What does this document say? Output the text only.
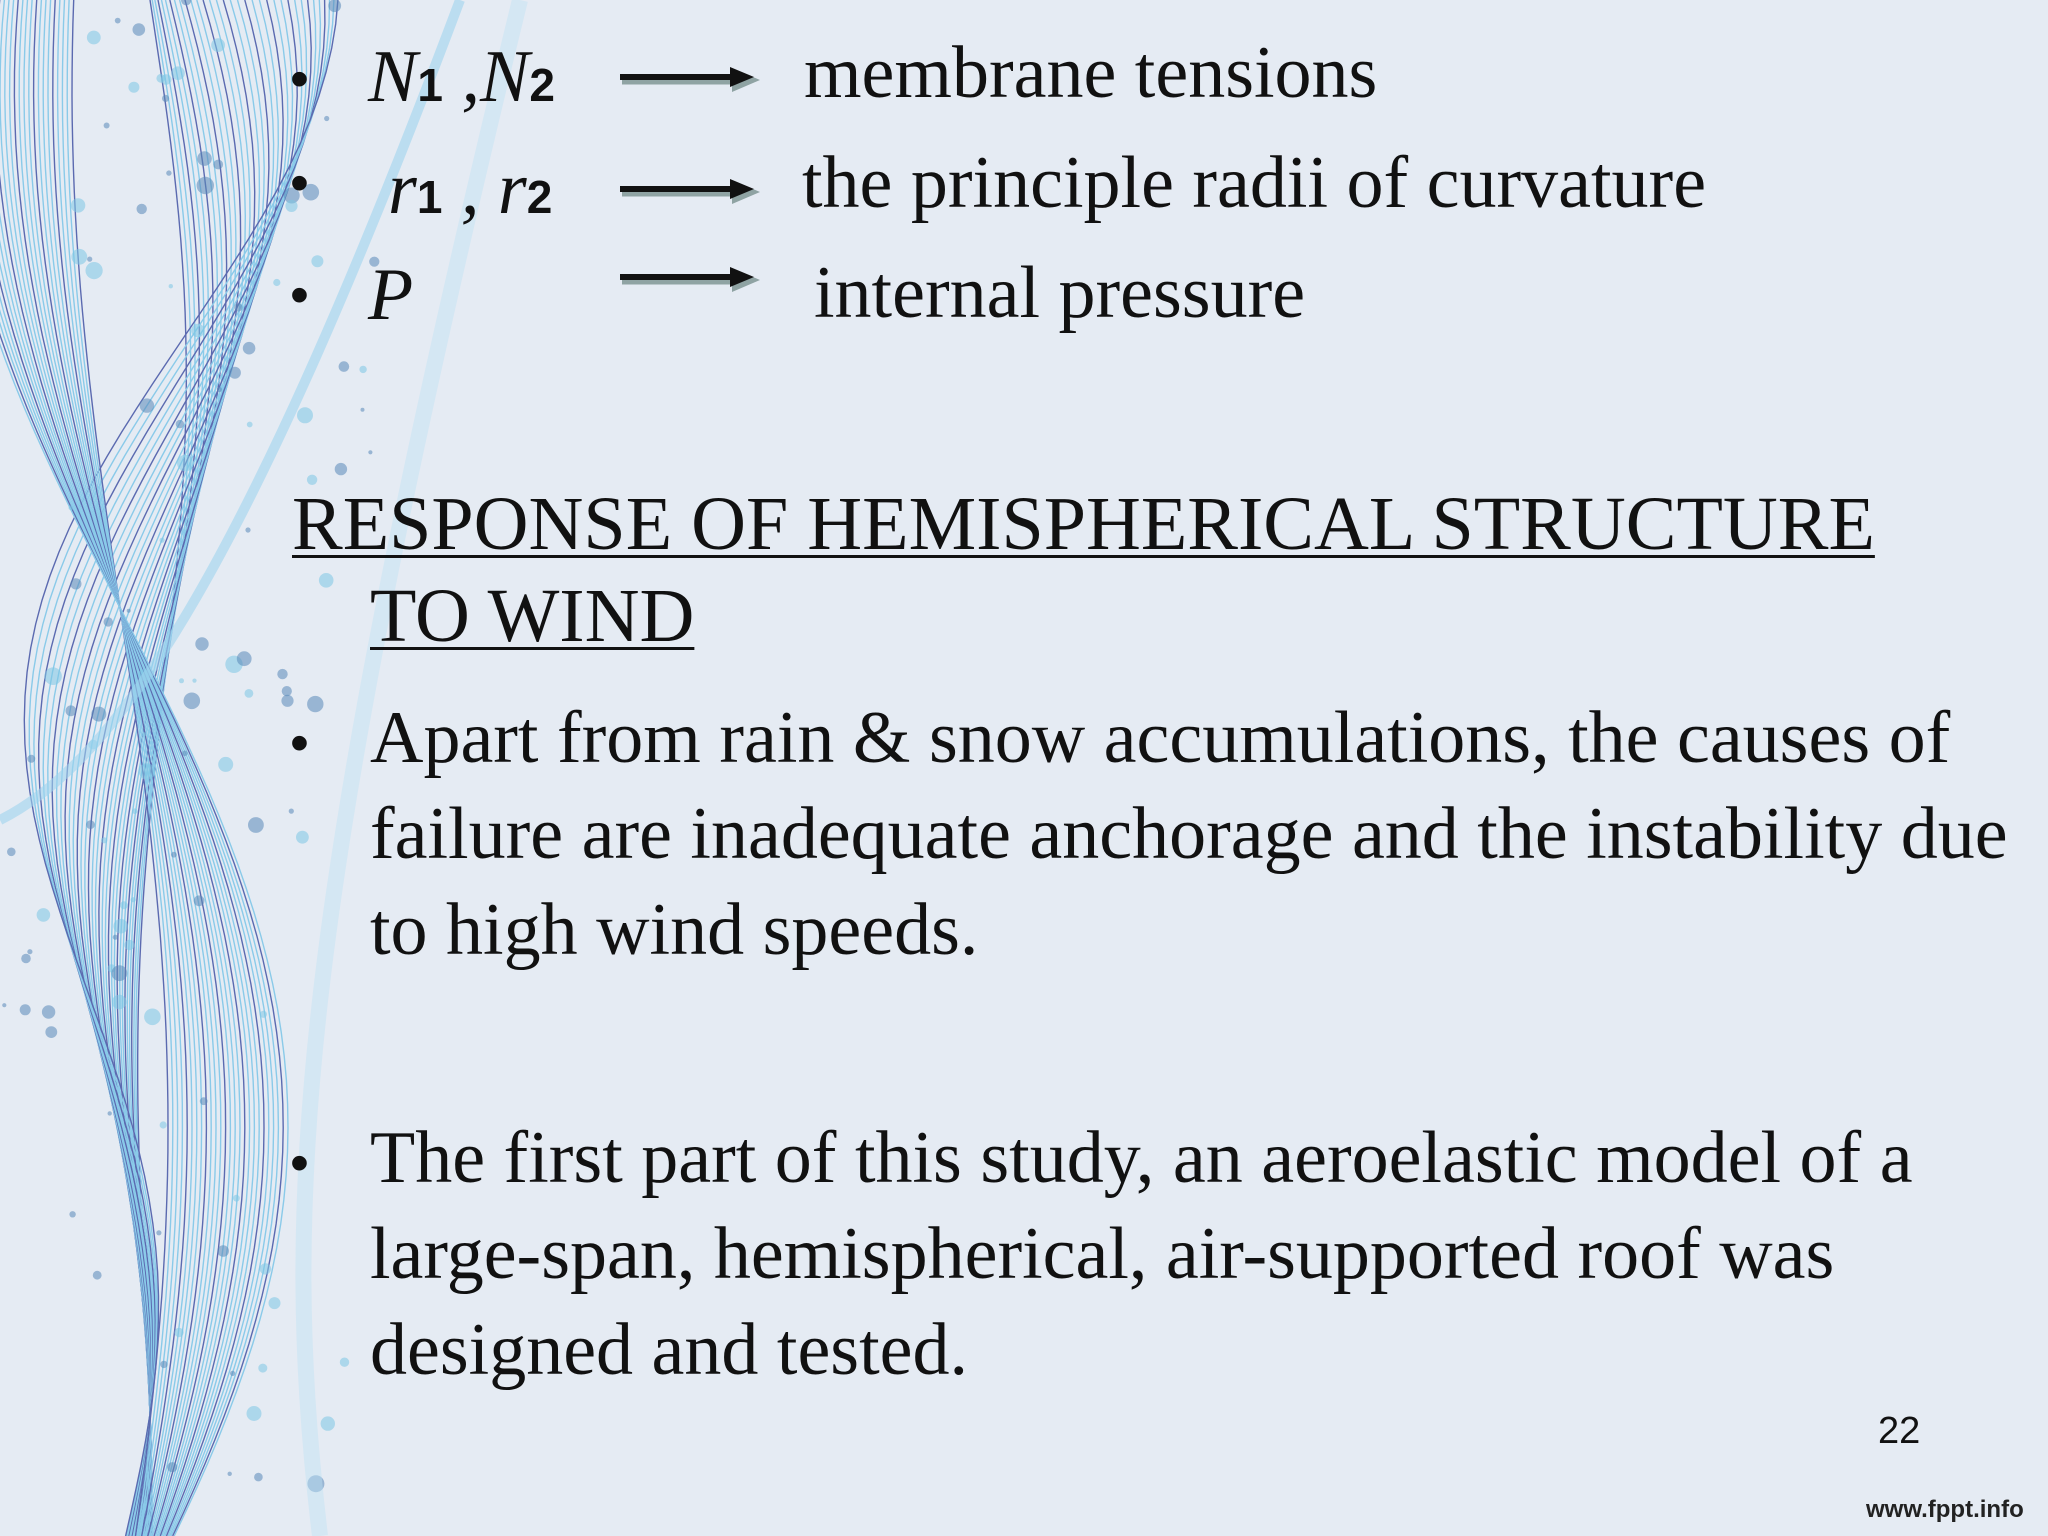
• N1 ,N2	membrane tensions
• r1 , r2	the principle radii of curvature
• P	internal pressure
RESPONSE OF HEMISPHERICAL STRUCTURE
TO WIND
• Apart from rain & snow accumulations, the causes of failure are inadequate anchorage and the instability due to high wind speeds.
• The first part of this study, an aeroelastic model of a large-span, hemispherical, air-supported roof was designed and tested.
22
www.fppt.info
